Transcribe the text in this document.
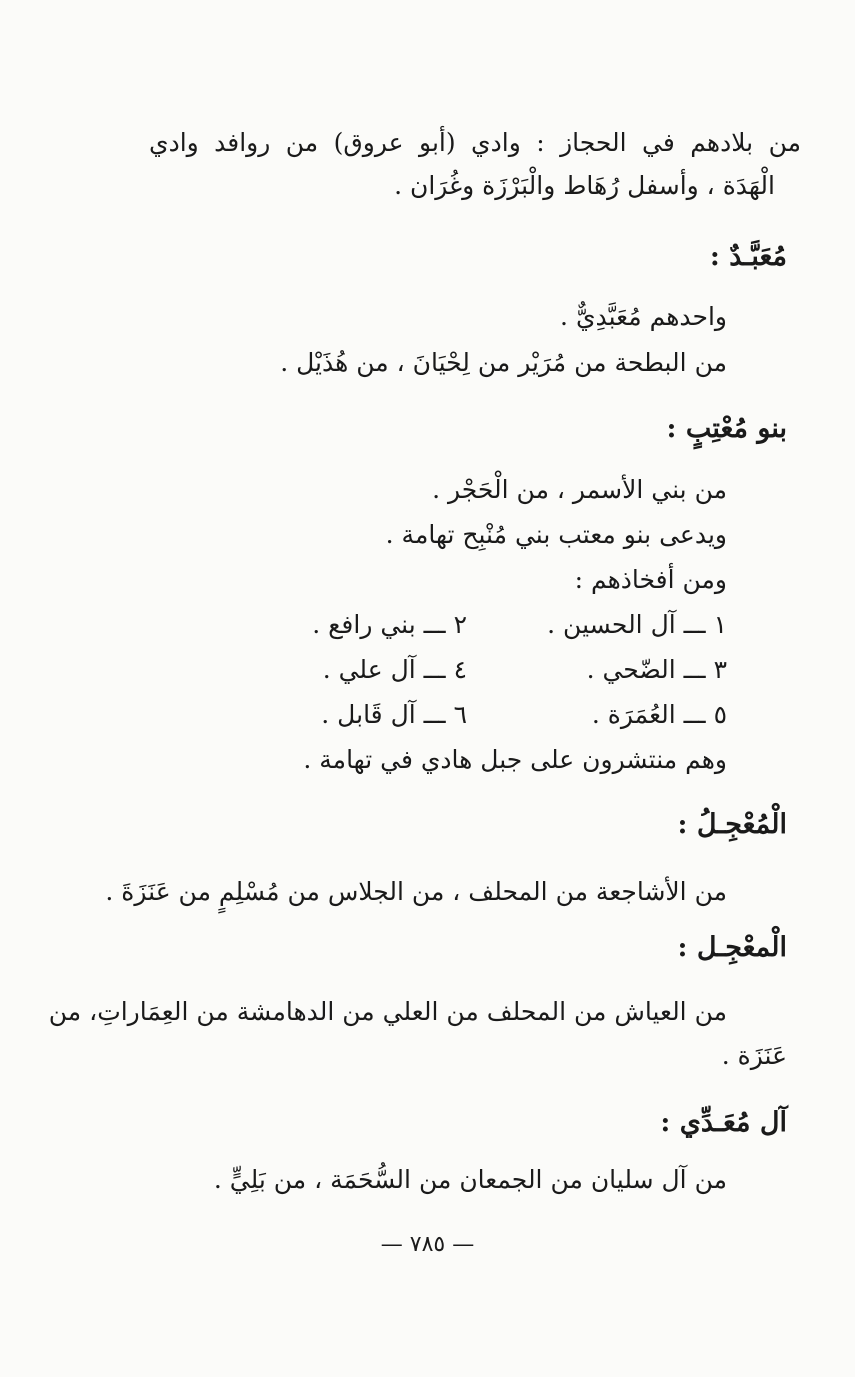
من بلادهم في الحجاز : وادي (أبو عروق) من روافد وادي
الْهَدَة ، وأسفل رُهَاط والْبَرْزَة وغُرَان .
مُعَبَّـدٌ :
واحدهم مُعَبَّدِيٌّ .
من البطحة من مُرَيْر من لِحْيَانَ ، من هُذَيْل .
بنو مُعْتِبٍ :
من بني الأسمر ، من الْحَجْر .
ويدعى بنو معتب بني مُنْبِح تهامة .
ومن أفخاذهم :
١ ـــ آل الحسين .
٢ ـــ بني رافع .
٣ ـــ الضّحي .
٤ ـــ آل علي .
٥ ـــ العُمَرَة .
٦ ـــ آل قَابل .
وهم منتشرون على جبل هادي في تهامة .
الْمُعْجِـلُ :
من الأشاجعة من المحلف ، من الجلاس من مُسْلِمٍ من عَنَزَةَ .
الْمعْجِـل :
من العياش من المحلف من العلي من الدهامشة من العِمَاراتِ، من
عَنَزَة .
آل مُعَـدِّي :
من آل سليان من الجمعان من السُّحَمَة ، من بَلِيٍّ .
— ٧٨٥ —
